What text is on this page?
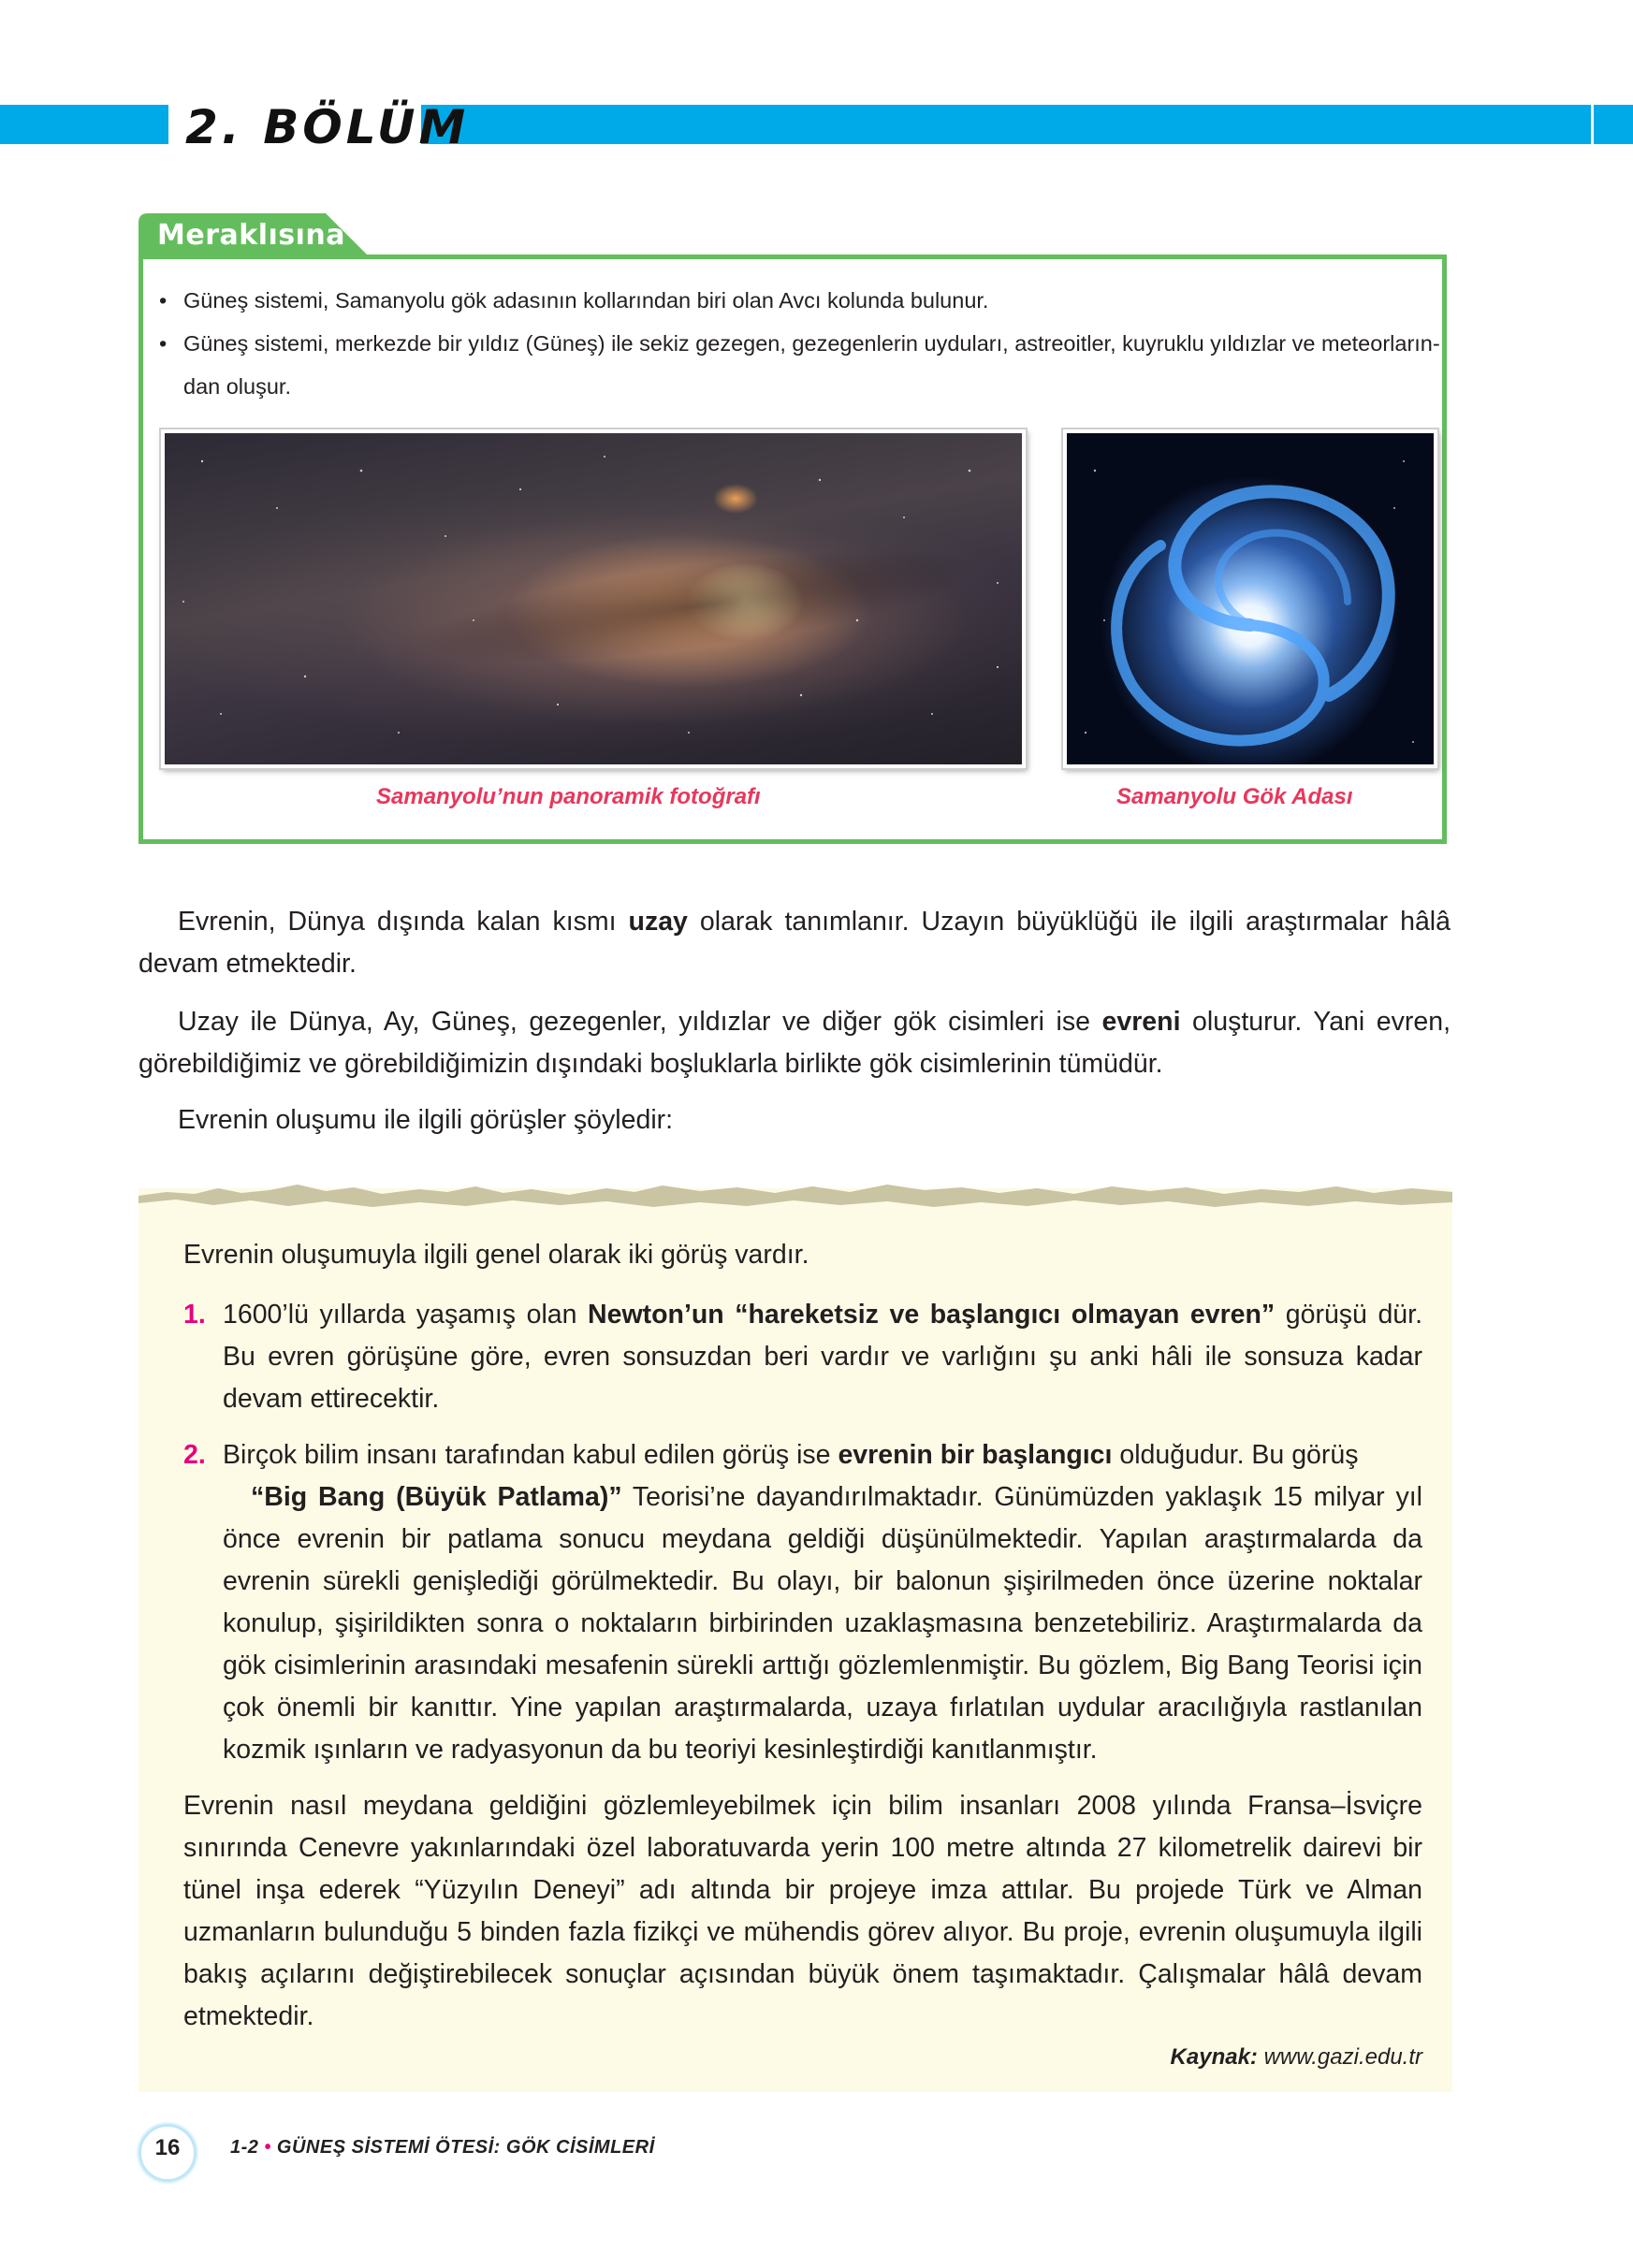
2. BÖLÜM
Meraklısına
• Güneş sistemi, Samanyolu gök adasının kollarından biri olan Avcı kolunda bulunur.
• Güneş sistemi, merkezde bir yıldız (Güneş) ile sekiz gezegen, gezegenlerin uyduları, astreoitler, kuyruklu yıldızlar ve meteorların-dan oluşur.
Samanyolu’nun panoramik fotoğrafı	Samanyolu Gök Adası
Evrenin, Dünya dışında kalan kısmı uzay olarak tanımlanır. Uzayın büyüklüğü ile ilgili araştırmalar hâlâ devam etmektedir.
Uzay ile Dünya, Ay, Güneş, gezegenler, yıldızlar ve diğer gök cisimleri ise evreni oluşturur. Yani evren, görebildiğimiz ve görebildiğimizin dışındaki boşluklarla birlikte gök cisimlerinin tümüdür.
Evrenin oluşumu ile ilgili görüşler şöyledir:
Evrenin oluşumuyla ilgili genel olarak iki görüş vardır.
1. 1600’lü yıllarda yaşamış olan Newton’un “hareketsiz ve başlangıcı olmayan evren” görüşü dür. Bu evren görüşüne göre, evren sonsuzdan beri vardır ve varlığını şu anki hâli ile sonsuza kadar devam ettirecektir.
2. Birçok bilim insanı tarafından kabul edilen görüş ise evrenin bir başlangıcı olduğudur. Bu görüş
“Big Bang (Büyük Patlama)” Teorisi’ne dayandırılmaktadır. Günümüzden yaklaşık 15 milyar yıl önce evrenin bir patlama sonucu meydana geldiği düşünülmektedir. Yapılan araştırmalarda da evrenin sürekli genişlediği görülmektedir. Bu olayı, bir balonun şişirilmeden önce üzerine noktalar konulup, şişirildikten sonra o noktaların birbirinden uzaklaşmasına benzetebiliriz. Araştırmalarda da gök cisimlerinin arasındaki mesafenin sürekli arttığı gözlemlenmiştir. Bu gözlem, Big Bang Teorisi için çok önemli bir kanıttır. Yine yapılan araştırmalarda, uzaya fırlatılan uydular aracılığıyla rastlanılan kozmik ışınların ve radyasyonun da bu teoriyi kesinleştirdiği kanıtlanmıştır.
Evrenin nasıl meydana geldiğini gözlemleyebilmek için bilim insanları 2008 yılında Fransa–İsviçre sınırında Cenevre yakınlarındaki özel laboratuvarda yerin 100 metre altında 27 kilometrelik dairevi bir tünel inşa ederek “Yüzyılın Deneyi” adı altında bir projeye imza attılar. Bu projede Türk ve Alman uzmanların bulunduğu 5 binden fazla fizikçi ve mühendis görev alıyor. Bu proje, evrenin oluşumuyla ilgili bakış açılarını değiştirebilecek sonuçlar açısından büyük önem taşımaktadır. Çalışmalar hâlâ devam etmektedir.
Kaynak: www.gazi.edu.tr
16	1-2 • GÜNEŞ SİSTEMİ ÖTESİ: GÖK CİSİMLERİ
